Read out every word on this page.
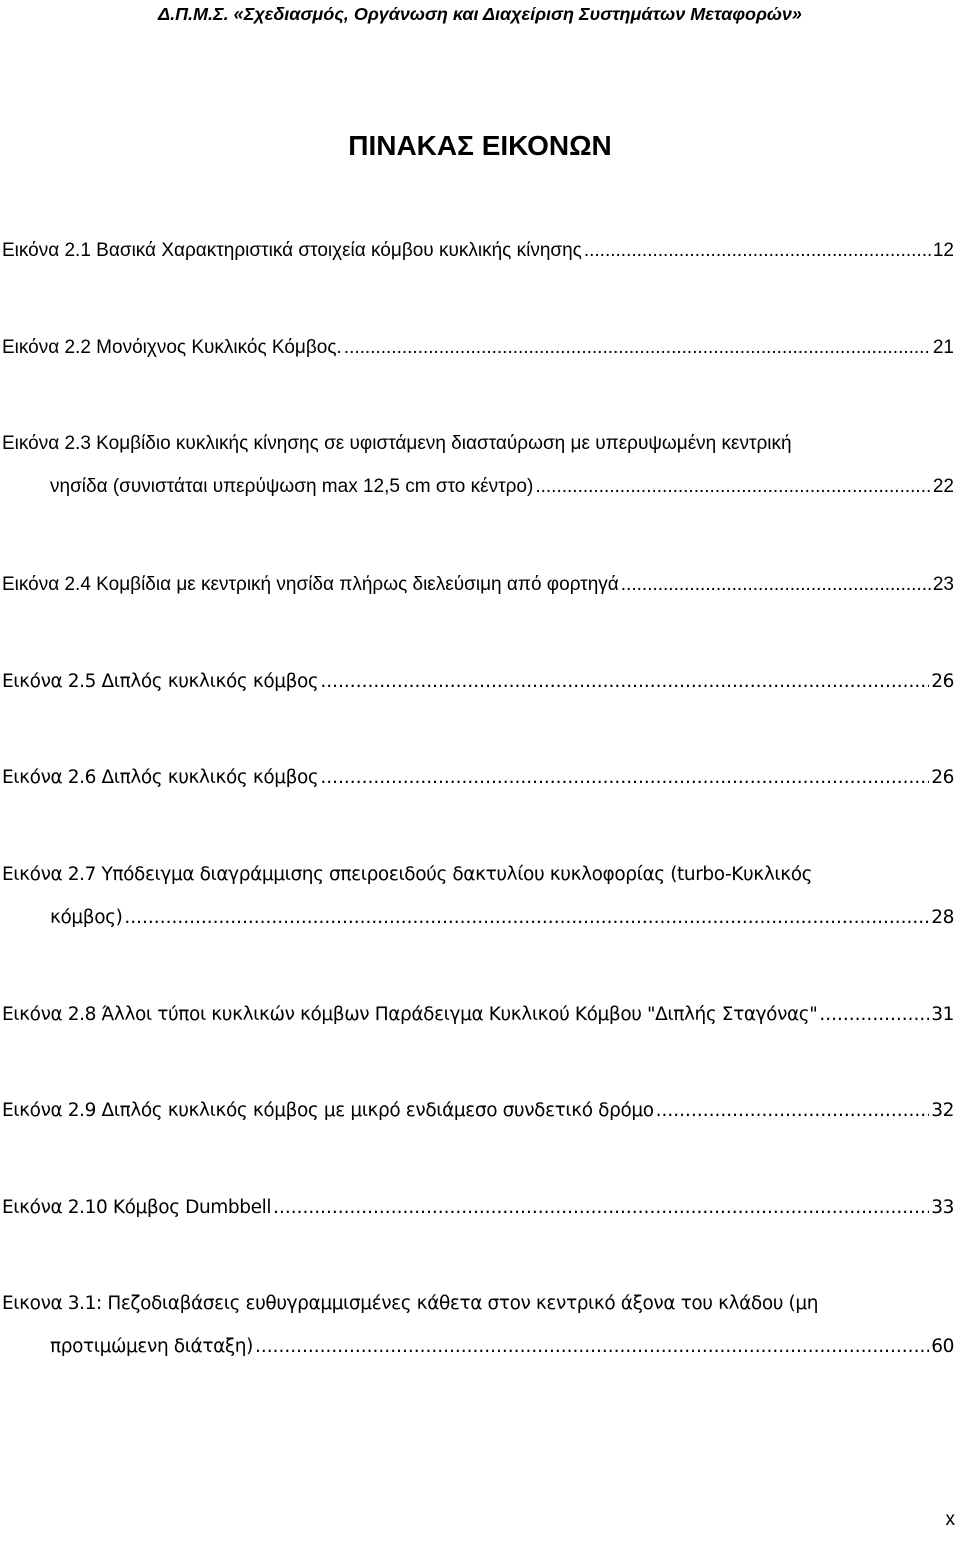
Δ.Π.Μ.Σ. «Σχεδιασμός, Οργάνωση και Διαχείριση Συστημάτων Μεταφορών»
ΠΙΝΑΚΑΣ ΕΙΚΟΝΩΝ
Εικόνα 2.1 Βασικά Χαρακτηριστικά στοιχεία κόμβου κυκλικής κίνησης .....	12
Εικόνα 2.2 Μονόιχνος Κυκλικός Κόμβος. .....	21
Εικόνα 2.3 Κομβίδιο κυκλικής κίνησης σε υφιστάμενη διασταύρωση με υπερυψωμένη κεντρική
νησίδα (συνιστάται υπερύψωση max 12,5 cm στο κέντρο) .....	22
Εικόνα 2.4 Κομβίδια με κεντρική νησίδα πλήρως διελεύσιμη από φορτηγά .....	23
Εικόνα 2.5 Διπλός κυκλικός κόμβος .....	26
Εικόνα 2.6 Διπλός κυκλικός κόμβος .....	26
Εικόνα 2.7 Υπόδειγμα διαγράμμισης σπειροειδούς δακτυλίου κυκλοφορίας (turbo-Κυκλικός
κόμβος) .....	28
Εικόνα 2.8 Άλλοι τύποι κυκλικών κόμβων Παράδειγμα Κυκλικού Κόμβου "Διπλής Σταγόνας" .....	31
Εικόνα 2.9 Διπλός κυκλικός κόμβος με μικρό ενδιάμεσο συνδετικό δρόμο .....	32
Εικόνα 2.10 Κόμβος Dumbbell .....	33
Εικονα 3.1: Πεζοδιαβάσεις ευθυγραμμισμένες κάθετα στον κεντρικό άξονα του κλάδου (μη
προτιμώμενη διάταξη) .....	60
x
